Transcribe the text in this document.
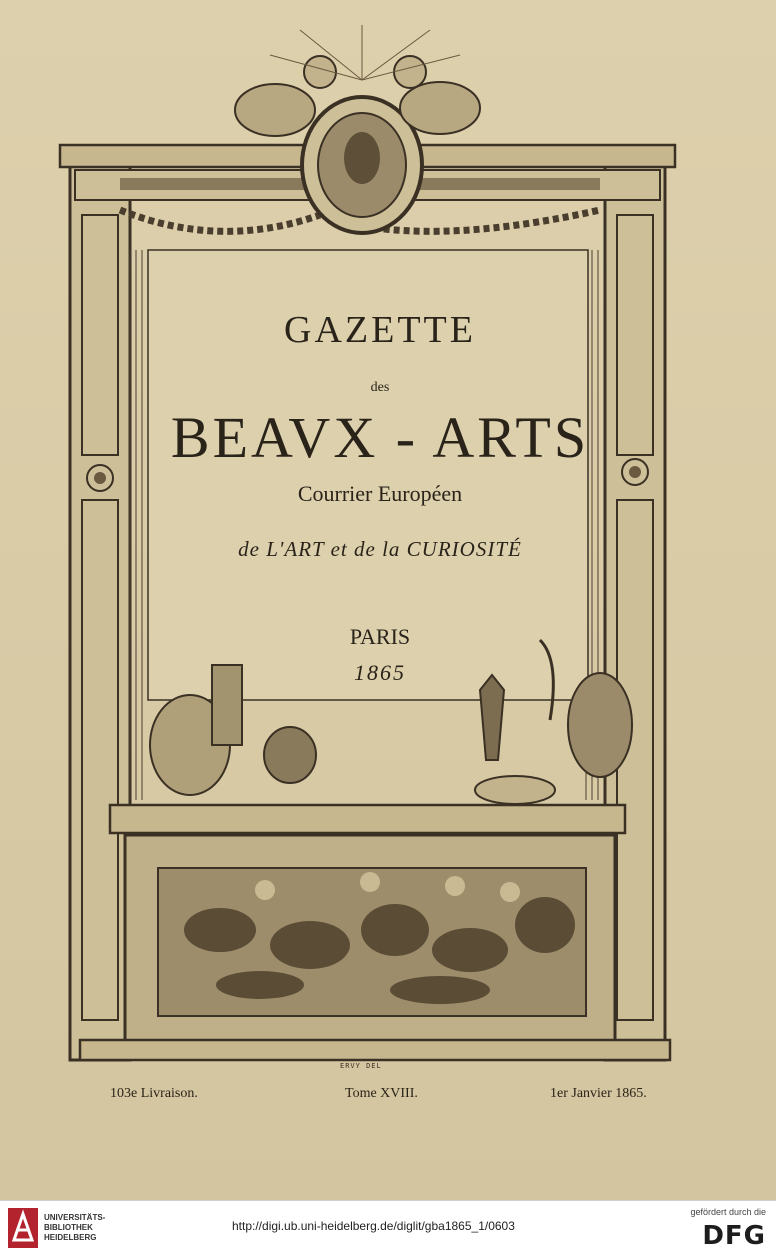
GAZETTE
des
BEAVX - ARTS
Courrier Européen
de L'ART et de la CURIOSITÉ
PARIS
1865
ERVY DEL
103e Livraison.	Tome XVIII.	1er Janvier 1865.
UNIVERSITÄTS-
BIBLIOTHEK
HEIDELBERG
http://digi.ub.uni-heidelberg.de/diglit/gba1865_1/0603
gefördert durch die
DFG
